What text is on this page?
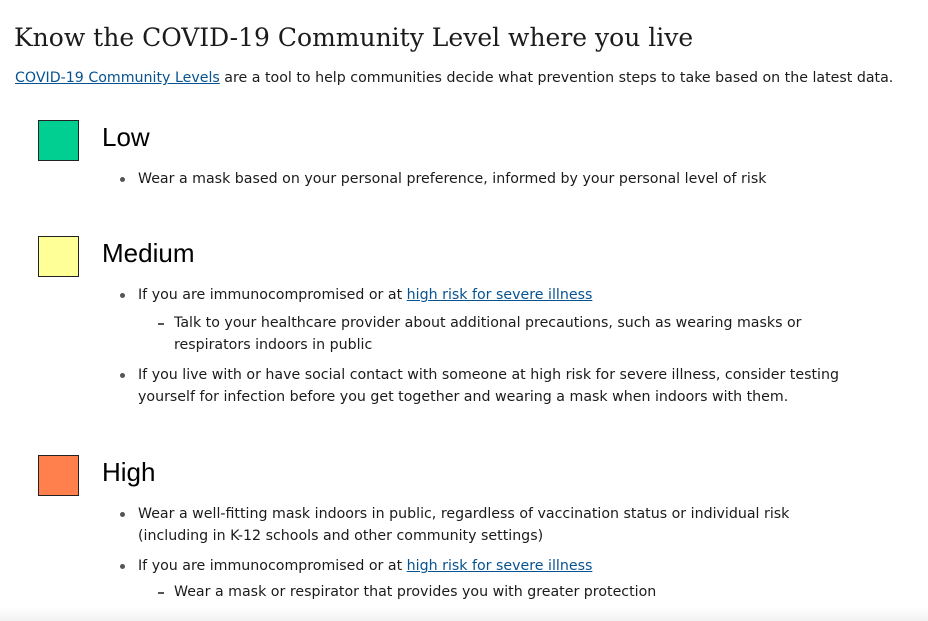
Know the COVID-19 Community Level where you live

COVID-19 Community Levels are a tool to help communities decide what prevention steps to take based on the latest data.

Low
Wear a mask based on your personal preference, informed by your personal level of risk
Medium
If you are immunocompromised or at high risk for severe illness
Talk to your healthcare provider about additional precautions, such as wearing masks or respirators indoors in public
If you live with or have social contact with someone at high risk for severe illness, consider testing yourself for infection before you get together and wearing a mask when indoors with them.
High
Wear a well-fitting mask indoors in public, regardless of vaccination status or individual risk (including in K-12 schools and other community settings)
If you are immunocompromised or at high risk for severe illness
Wear a mask or respirator that provides you with greater protection
